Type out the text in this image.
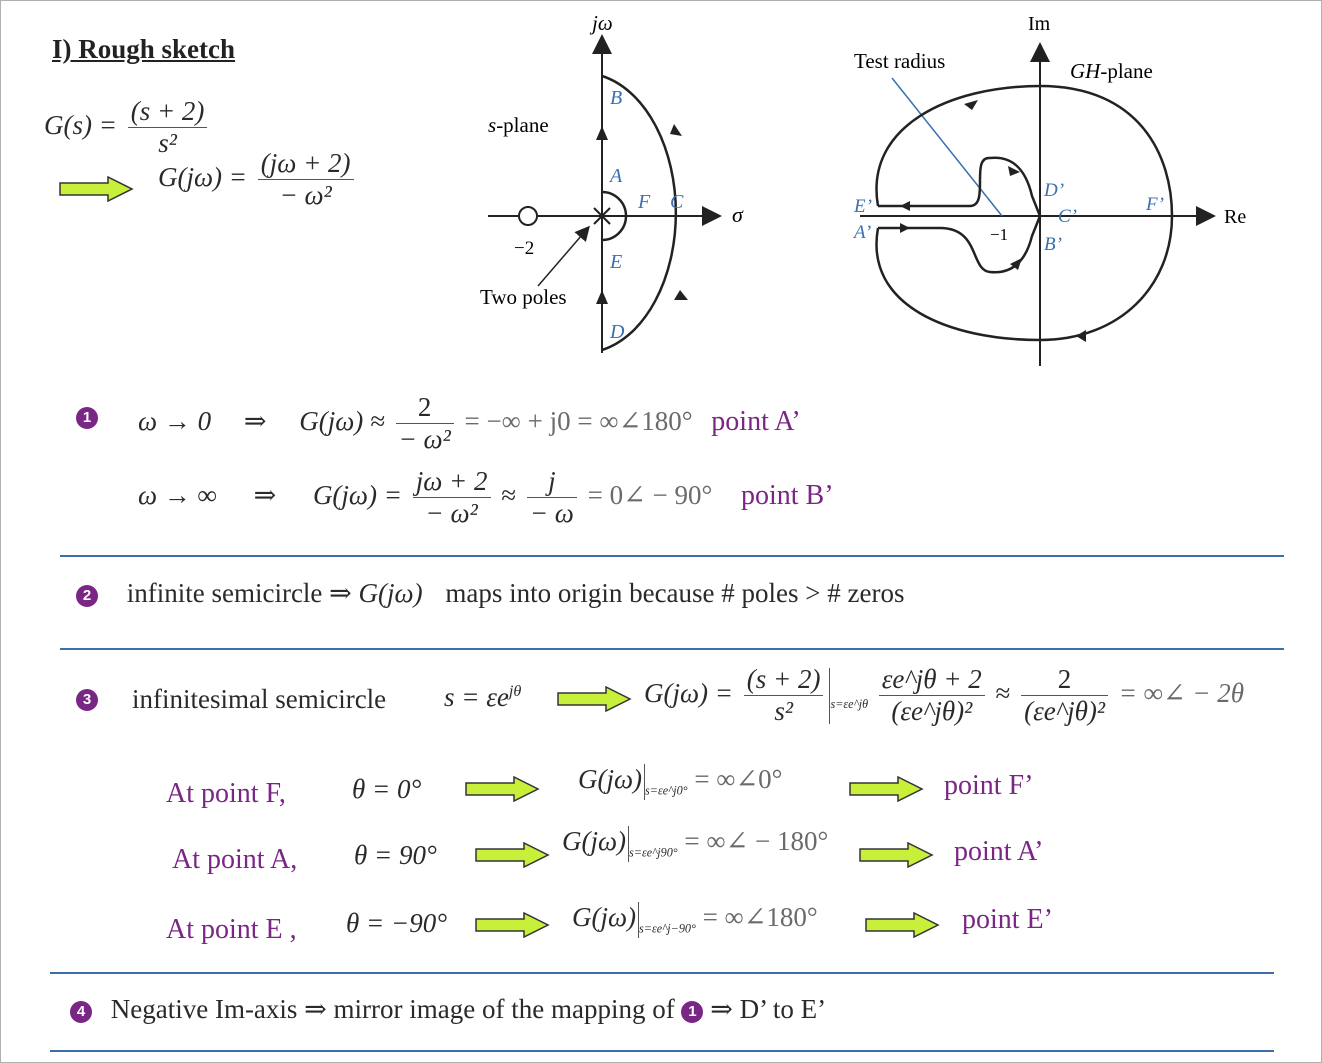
I) Rough sketch
$G(s) = \frac{(s + 2)}{\text{s²}}$
$G(j\omega) = \frac{(j\omega + 2)}{\text{− ω²}}$
jω
σ
−2
Two poles
s-plane
B
A
F C
E
D
Im
Re
GH-plane
Test radius
−1
E’
A’
D’
C’
B’
F’
1 ω → 0 ⇒ $G(j\omega) \approx \frac{2}{\text{− ω²}}$ = −∞ + j0 = ∞∠180° point A’
ω → ∞ ⇒ $G(j\omega) = \frac{j\omega + 2}{\text{− ω²}} \approx \frac{j}{- \omega}$ = 0∠ − 90° point B’
2 infinite semicircle ⇒ G(jω) maps into origin because # poles > # zeros
3 infinitesimal semicircle $s = \varepsilon e^{j\theta}$	$G(j\omega) = \frac{(s + 2)}{\text{s²}} _{s=\varepsilon e\^{}j\theta} \frac{\varepsilon e\^{}j\theta + 2}{\text{(εe\textasciicircum{}jθ)²}} \approx \frac{2}{\text{(εe\textasciicircum{}jθ)²}}$ = ∞∠ − 2θ
At point F, θ = 0°	G(jω) $_{s=\varepsilon e\^{}j0^\circ}$ = ∞∠0°	point F’
At point A, θ = 90°	G(jω) $_{s=\varepsilon e\^{}j90^\circ}$ = ∞∠ − 180°	point A’
At point E , θ = −90°	G(jω) $_{s=\varepsilon e\^{}j-90^\circ}$ = ∞∠180°	point E’
4 Negative Im-axis ⇒ mirror image of the mapping of 1 ⇒ D’ to E’
